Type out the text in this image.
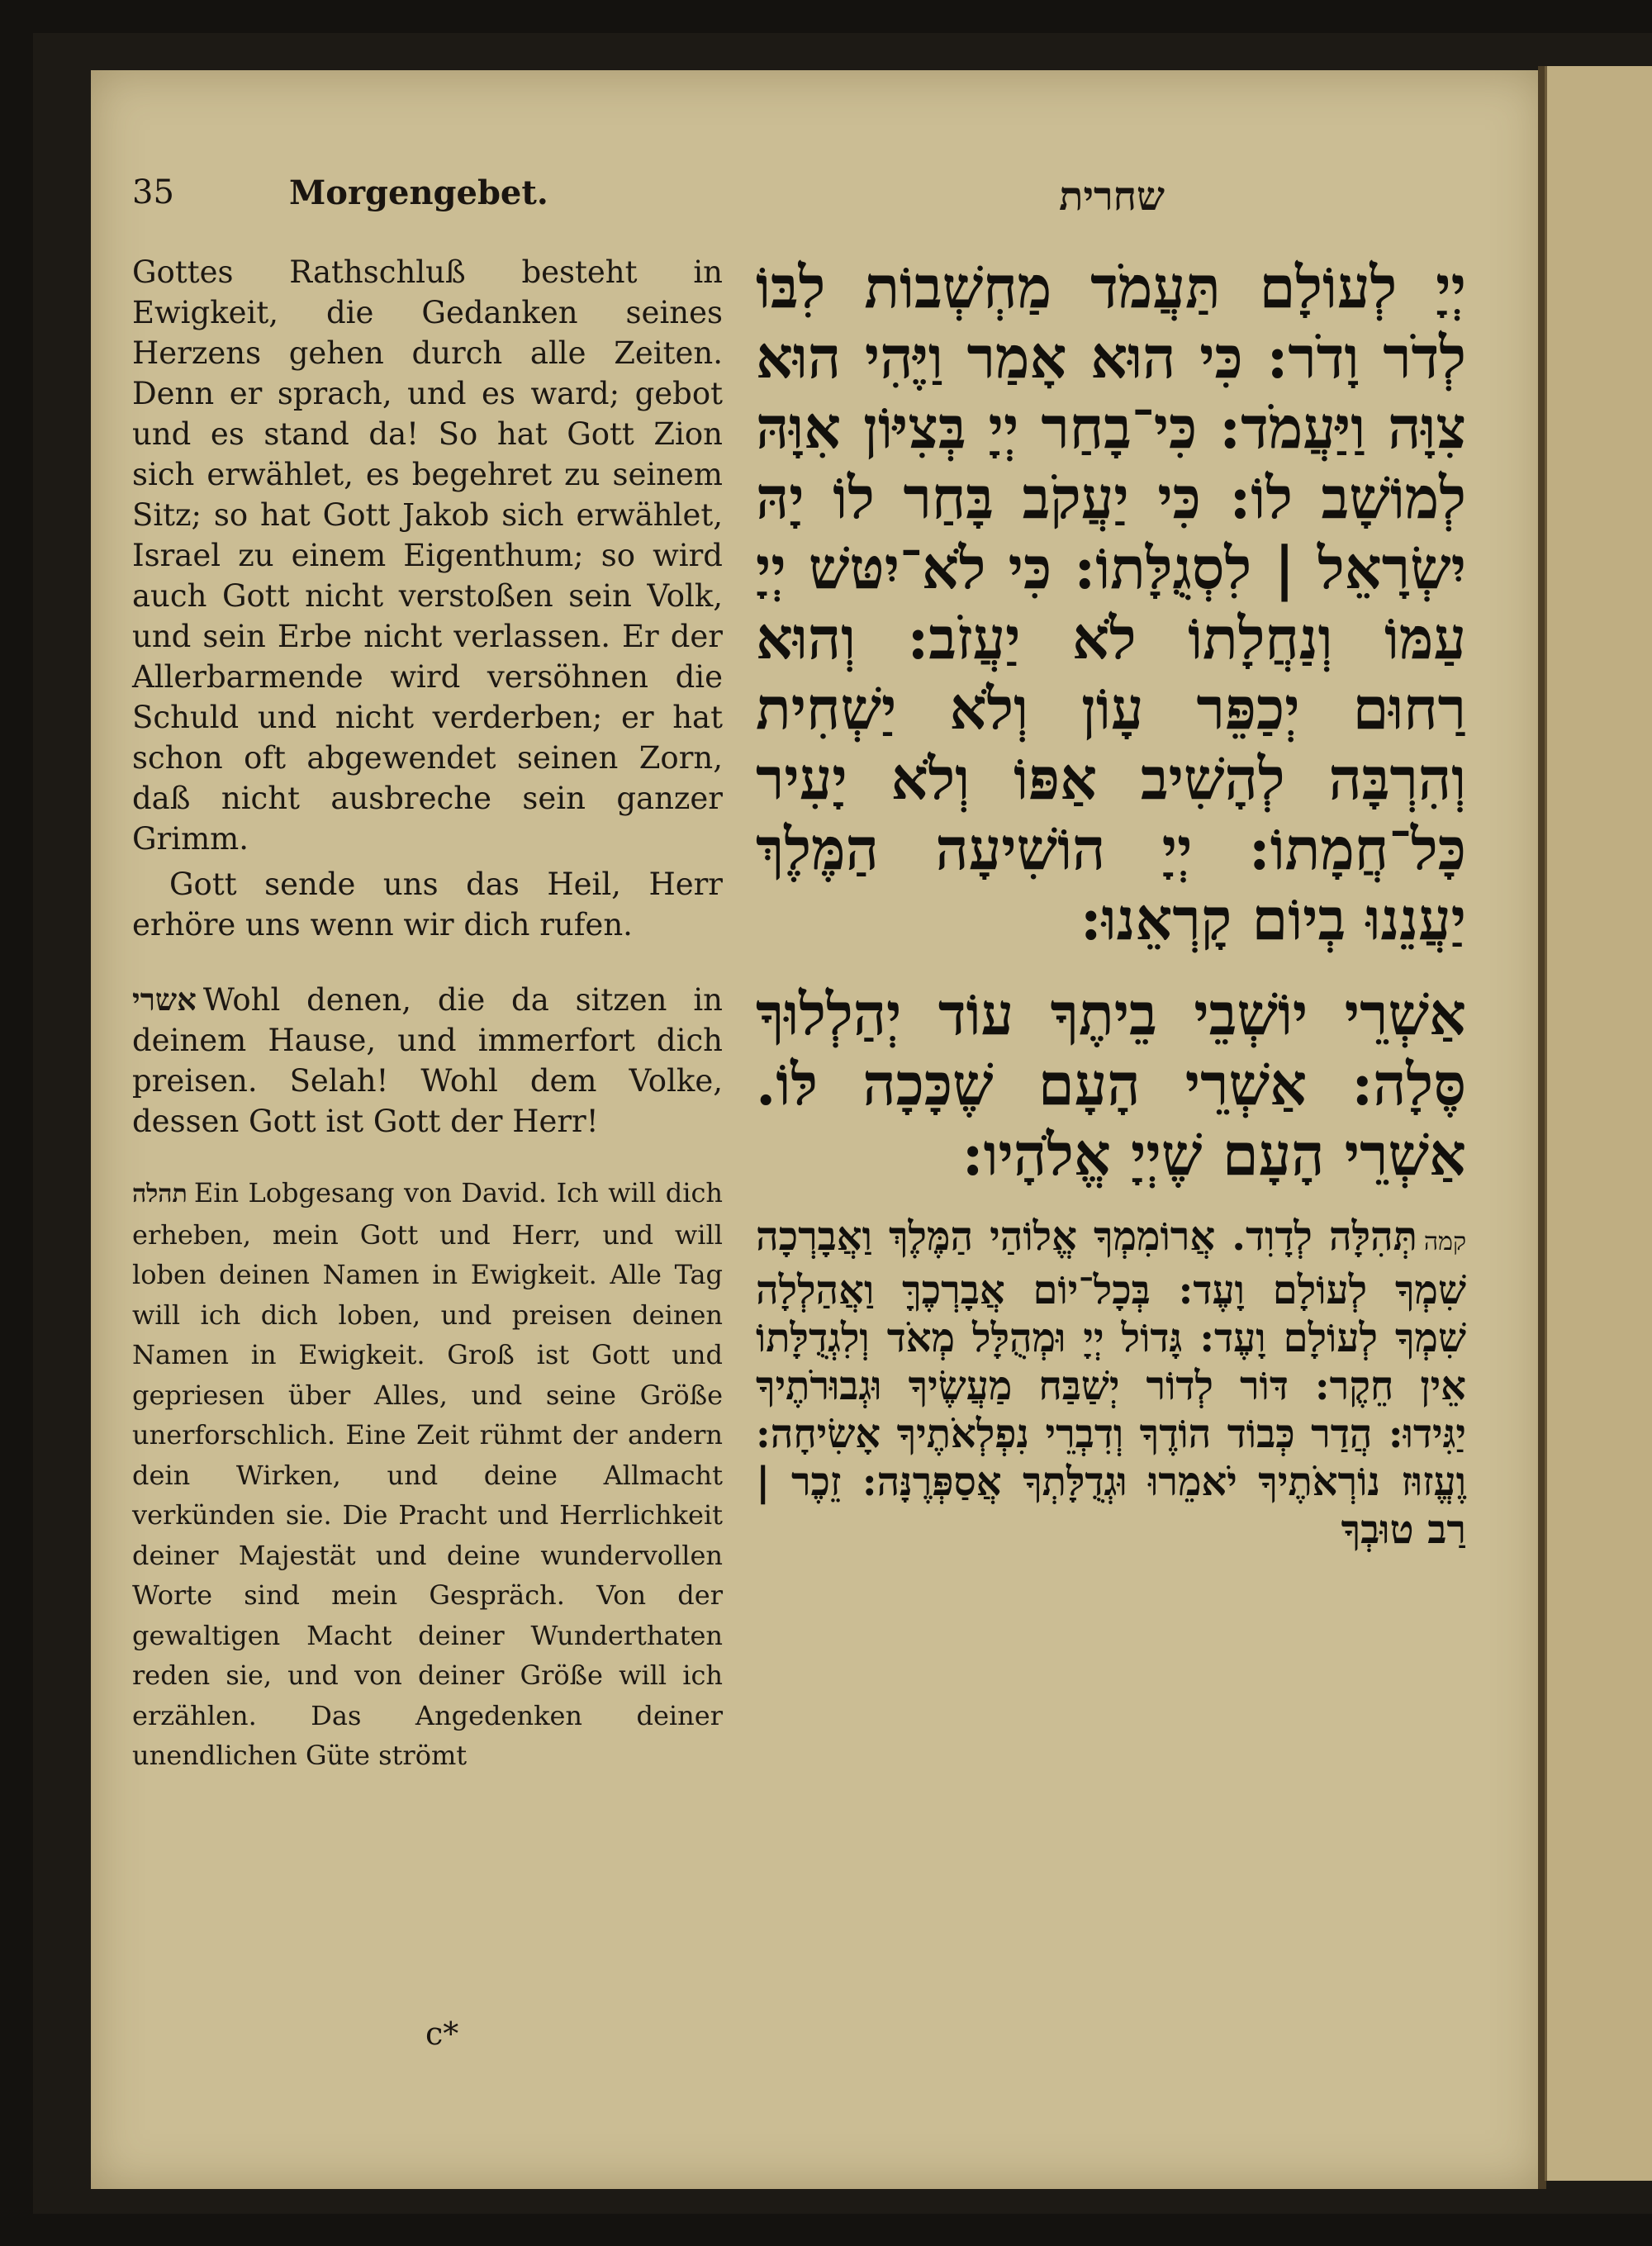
35	Morgengebet.	שחרית

Gottes Rathschluß besteht in Ewigkeit, die Gedanken seines Herzens gehen durch alle Zeiten. Denn er sprach, und es ward; gebot und es stand da! So hat Gott Zion sich erwählet, es begehret zu seinem Sitz; so hat Gott Jakob sich erwählet, Israel zu einem Eigenthum; so wird auch Gott nicht verstoßen sein Volk, und sein Erbe nicht verlassen. Er der Allerbarmende wird versöhnen die Schuld und nicht verderben; er hat schon oft abgewendet seinen Zorn, daß nicht ausbreche sein ganzer Grimm.

Gott sende uns das Heil, Herr erhöre uns wenn wir dich rufen.

אשרי Wohl denen, die da sitzen in deinem Hause, und immerfort dich preisen. Selah! Wohl dem Volke, dessen Gott ist Gott der Herr!

תהלה Ein Lobgesang von David. Ich will dich erheben, mein Gott und Herr, und will loben deinen Namen in Ewigkeit. Alle Tag will ich dich loben, und preisen deinen Namen in Ewigkeit. Groß ist Gott und gepriesen über Alles, und seine Größe unerforschlich. Eine Zeit rühmt der andern dein Wirken, und deine Allmacht verkünden sie. Die Pracht und Herrlichkeit deiner Majestät und deine wundervollen Worte sind mein Gespräch. Von der gewaltigen Macht deiner Wunderthaten reden sie, und von deiner Größe will ich erzählen. Das Angedenken deiner unendlichen Güte strömt

יְיָ לְעוֹלָם תַּעֲמֹד מַחְשְׁבוֹת לִבּוֹ לְדֹר וָדֹר: כִּי הוּא אָמַר וַיֶּהִי הוּא צִוָּה וַיַּעֲמֹד: כִּי־בָחַר יְיָ בְּצִיּוֹן אִוָּהּ לְמוֹשָׁב לוֹ: כִּי יַעֲקֹב בָּחַר לוֹ יָהּ יִשְׂרָאֵל | לִסְגֻלָּתוֹ: כִּי לֹא־יִטּשׁ יְיָ עַמּוֹ וְנַחֲלָתוֹ לֹא יַעֲזֹב: וְהוּא רַחוּם יְכַפֵּר עָוֹן וְלֹא יַשְׁחִית וְהִרְבָּה לְהָשִׁיב אַפּוֹ וְלֹא יָעִיר כָּל־חֲמָתוֹ: יְיָ הוֹשִׁיעָה הַמֶּלֶךְ יַעֲנֵנוּ בְיוֹם קָרְאֵנוּ:

אַשְׁרֵי יוֹשְׁבֵי בֵיתֶךָ עוֹד יְהַלְלוּךָ סֶּלָה: אַשְׁרֵי הָעָם שֶׁכָּכָה לּוֹ. אַשְׁרֵי הָעָם שֶׁיְיָ אֱלֹהָיו:

קמהתְּהִלָּה לְדָוִד. אֲרוֹמִמְךָ אֱלוֹהַי הַמֶּלֶךְ וַאֲבָרְכָה שִׁמְךָ לְעוֹלָם וָעֶד: בְּכָל־יוֹם אֲבָרְכֶךָּ וַאֲהַלְלָה שִׁמְךָ לְעוֹלָם וָעֶד: גָּדוֹל יְיָ וּמְהֻלָּל מְאֹד וְלִגְדֻלָּתוֹ אֵין חֵקֶר: דּוֹר לְדוֹר יְשַׁבַּח מַעֲשֶׂיךָ וּגְבוּרֹתֶיךָ יַגִּידוּ: הֲדַר כְּבוֹד הוֹדֶךָ וְדִבְרֵי נִפְלְאֹתֶיךָ אָשִׂיחָה: וֶעֱזוּז נוֹרְאֹתֶיךָ יֹאמֵרוּ וּגְדֻלָּתְךָ אֲסַפְּרֶנָּה: זֵכֶר | רַב טוּבְךָ

c*
